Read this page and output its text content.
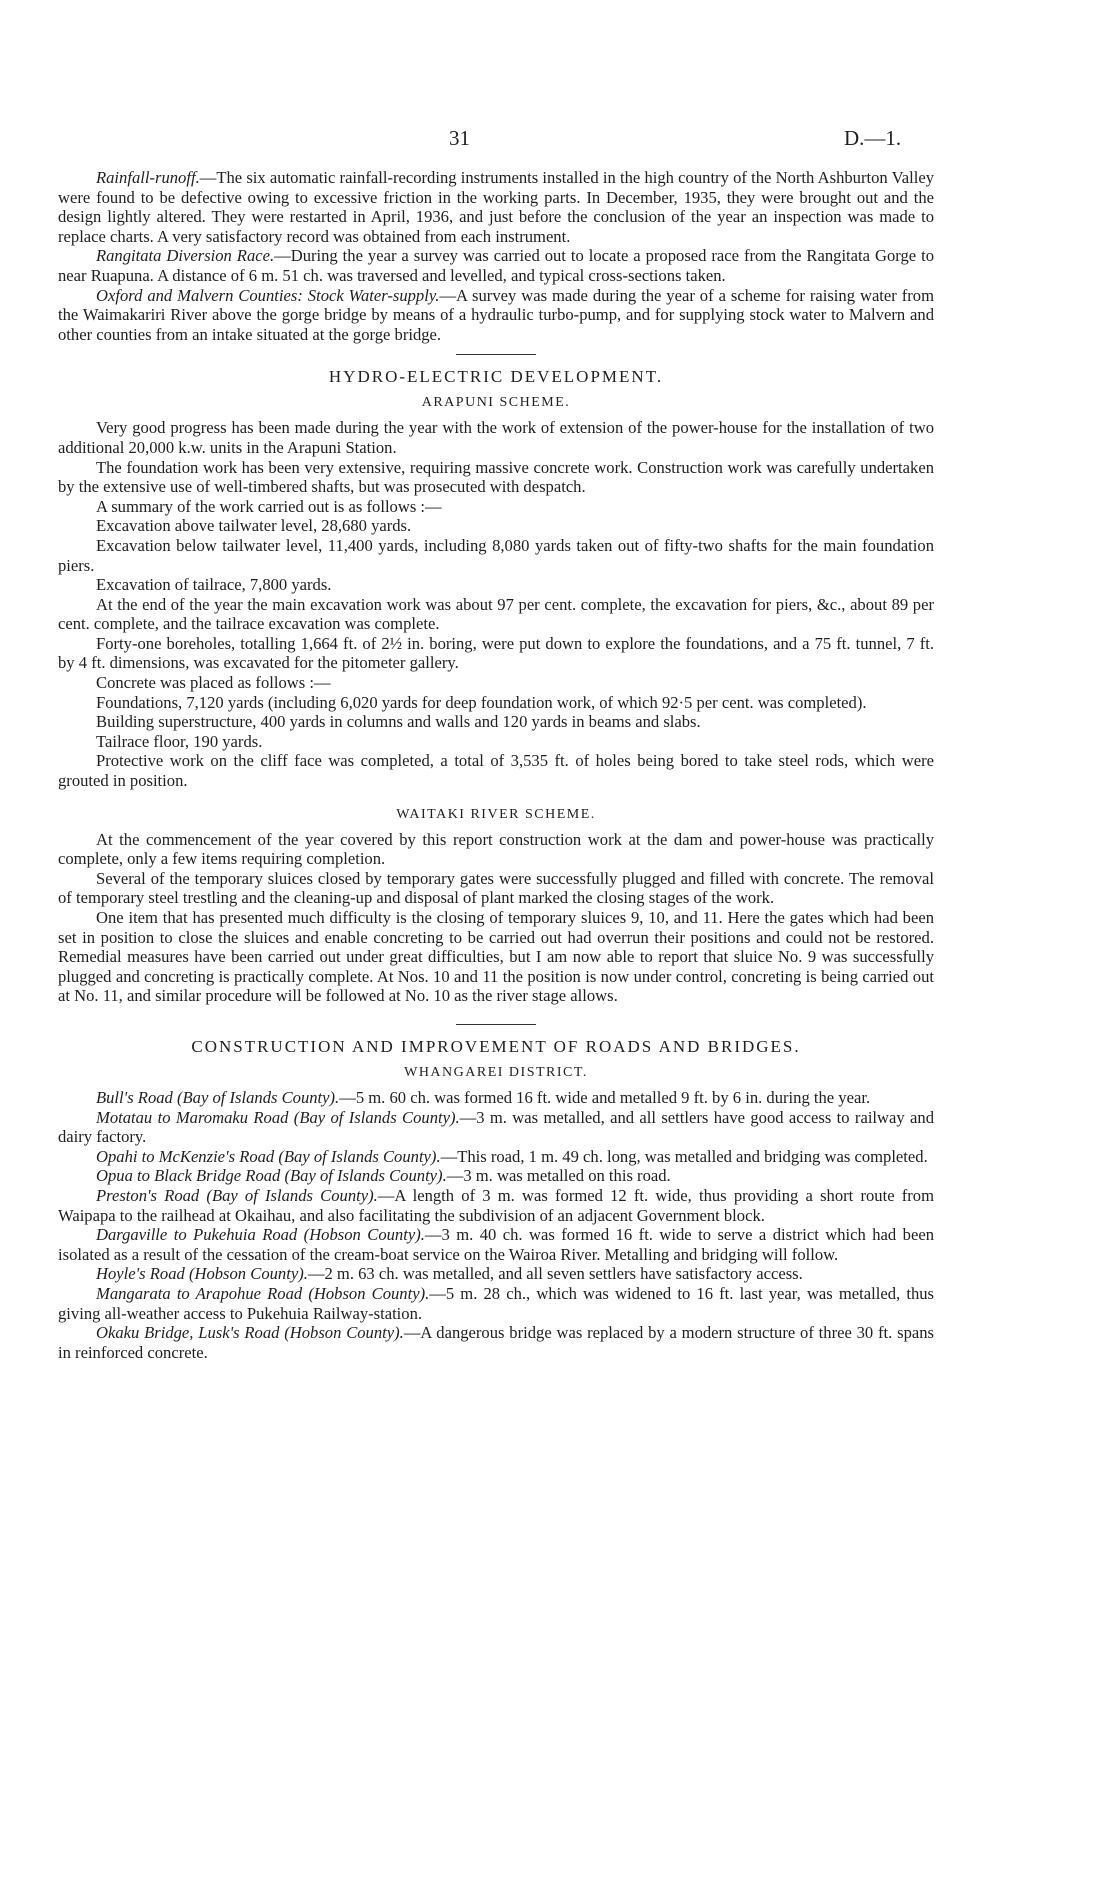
31	D.—1.

Rainfall-runoff.—The six automatic rainfall-recording instruments installed in the high country of the North Ashburton Valley were found to be defective owing to excessive friction in the working parts. In December, 1935, they were brought out and the design lightly altered. They were restarted in April, 1936, and just before the conclusion of the year an inspection was made to replace charts. A very satisfactory record was obtained from each instrument.

Rangitata Diversion Race.—During the year a survey was carried out to locate a proposed race from the Rangitata Gorge to near Ruapuna. A distance of 6 m. 51 ch. was traversed and levelled, and typical cross-sections taken.

Oxford and Malvern Counties: Stock Water-supply.—A survey was made during the year of a scheme for raising water from the Waimakariri River above the gorge bridge by means of a hydraulic turbo-pump, and for supplying stock water to Malvern and other counties from an intake situated at the gorge bridge.

HYDRO-ELECTRIC DEVELOPMENT.
ARAPUNI SCHEME.

Very good progress has been made during the year with the work of extension of the power-house for the installation of two additional 20,000 k.w. units in the Arapuni Station.

The foundation work has been very extensive, requiring massive concrete work. Construction work was carefully undertaken by the extensive use of well-timbered shafts, but was prosecuted with despatch.

A summary of the work carried out is as follows :—

Excavation above tailwater level, 28,680 yards.

Excavation below tailwater level, 11,400 yards, including 8,080 yards taken out of fifty-two shafts for the main foundation piers.

Excavation of tailrace, 7,800 yards.

At the end of the year the main excavation work was about 97 per cent. complete, the excavation for piers, &c., about 89 per cent. complete, and the tailrace excavation was complete.

Forty-one boreholes, totalling 1,664 ft. of 2½ in. boring, were put down to explore the foundations, and a 75 ft. tunnel, 7 ft. by 4 ft. dimensions, was excavated for the pitometer gallery.

Concrete was placed as follows :—

Foundations, 7,120 yards (including 6,020 yards for deep foundation work, of which 92·5 per cent. was completed).

Building superstructure, 400 yards in columns and walls and 120 yards in beams and slabs.

Tailrace floor, 190 yards.

Protective work on the cliff face was completed, a total of 3,535 ft. of holes being bored to take steel rods, which were grouted in position.

WAITAKI RIVER SCHEME.

At the commencement of the year covered by this report construction work at the dam and power-house was practically complete, only a few items requiring completion.

Several of the temporary sluices closed by temporary gates were successfully plugged and filled with concrete. The removal of temporary steel trestling and the cleaning-up and disposal of plant marked the closing stages of the work.

One item that has presented much difficulty is the closing of temporary sluices 9, 10, and 11. Here the gates which had been set in position to close the sluices and enable concreting to be carried out had overrun their positions and could not be restored. Remedial measures have been carried out under great difficulties, but I am now able to report that sluice No. 9 was successfully plugged and concreting is practically complete. At Nos. 10 and 11 the position is now under control, concreting is being carried out at No. 11, and similar procedure will be followed at No. 10 as the river stage allows.

CONSTRUCTION AND IMPROVEMENT OF ROADS AND BRIDGES.
WHANGAREI DISTRICT.

Bull's Road (Bay of Islands County).—5 m. 60 ch. was formed 16 ft. wide and metalled 9 ft. by 6 in. during the year.

Motatau to Maromaku Road (Bay of Islands County).—3 m. was metalled, and all settlers have good access to railway and dairy factory.

Opahi to McKenzie's Road (Bay of Islands County).—This road, 1 m. 49 ch. long, was metalled and bridging was completed.

Opua to Black Bridge Road (Bay of Islands County).—3 m. was metalled on this road.

Preston's Road (Bay of Islands County).—A length of 3 m. was formed 12 ft. wide, thus providing a short route from Waipapa to the railhead at Okaihau, and also facilitating the subdivision of an adjacent Government block.

Dargaville to Pukehuia Road (Hobson County).—3 m. 40 ch. was formed 16 ft. wide to serve a district which had been isolated as a result of the cessation of the cream-boat service on the Wairoa River. Metalling and bridging will follow.

Hoyle's Road (Hobson County).—2 m. 63 ch. was metalled, and all seven settlers have satisfactory access.

Mangarata to Arapohue Road (Hobson County).—5 m. 28 ch., which was widened to 16 ft. last year, was metalled, thus giving all-weather access to Pukehuia Railway-station.

Okaku Bridge, Lusk's Road (Hobson County).—A dangerous bridge was replaced by a modern structure of three 30 ft. spans in reinforced concrete.
